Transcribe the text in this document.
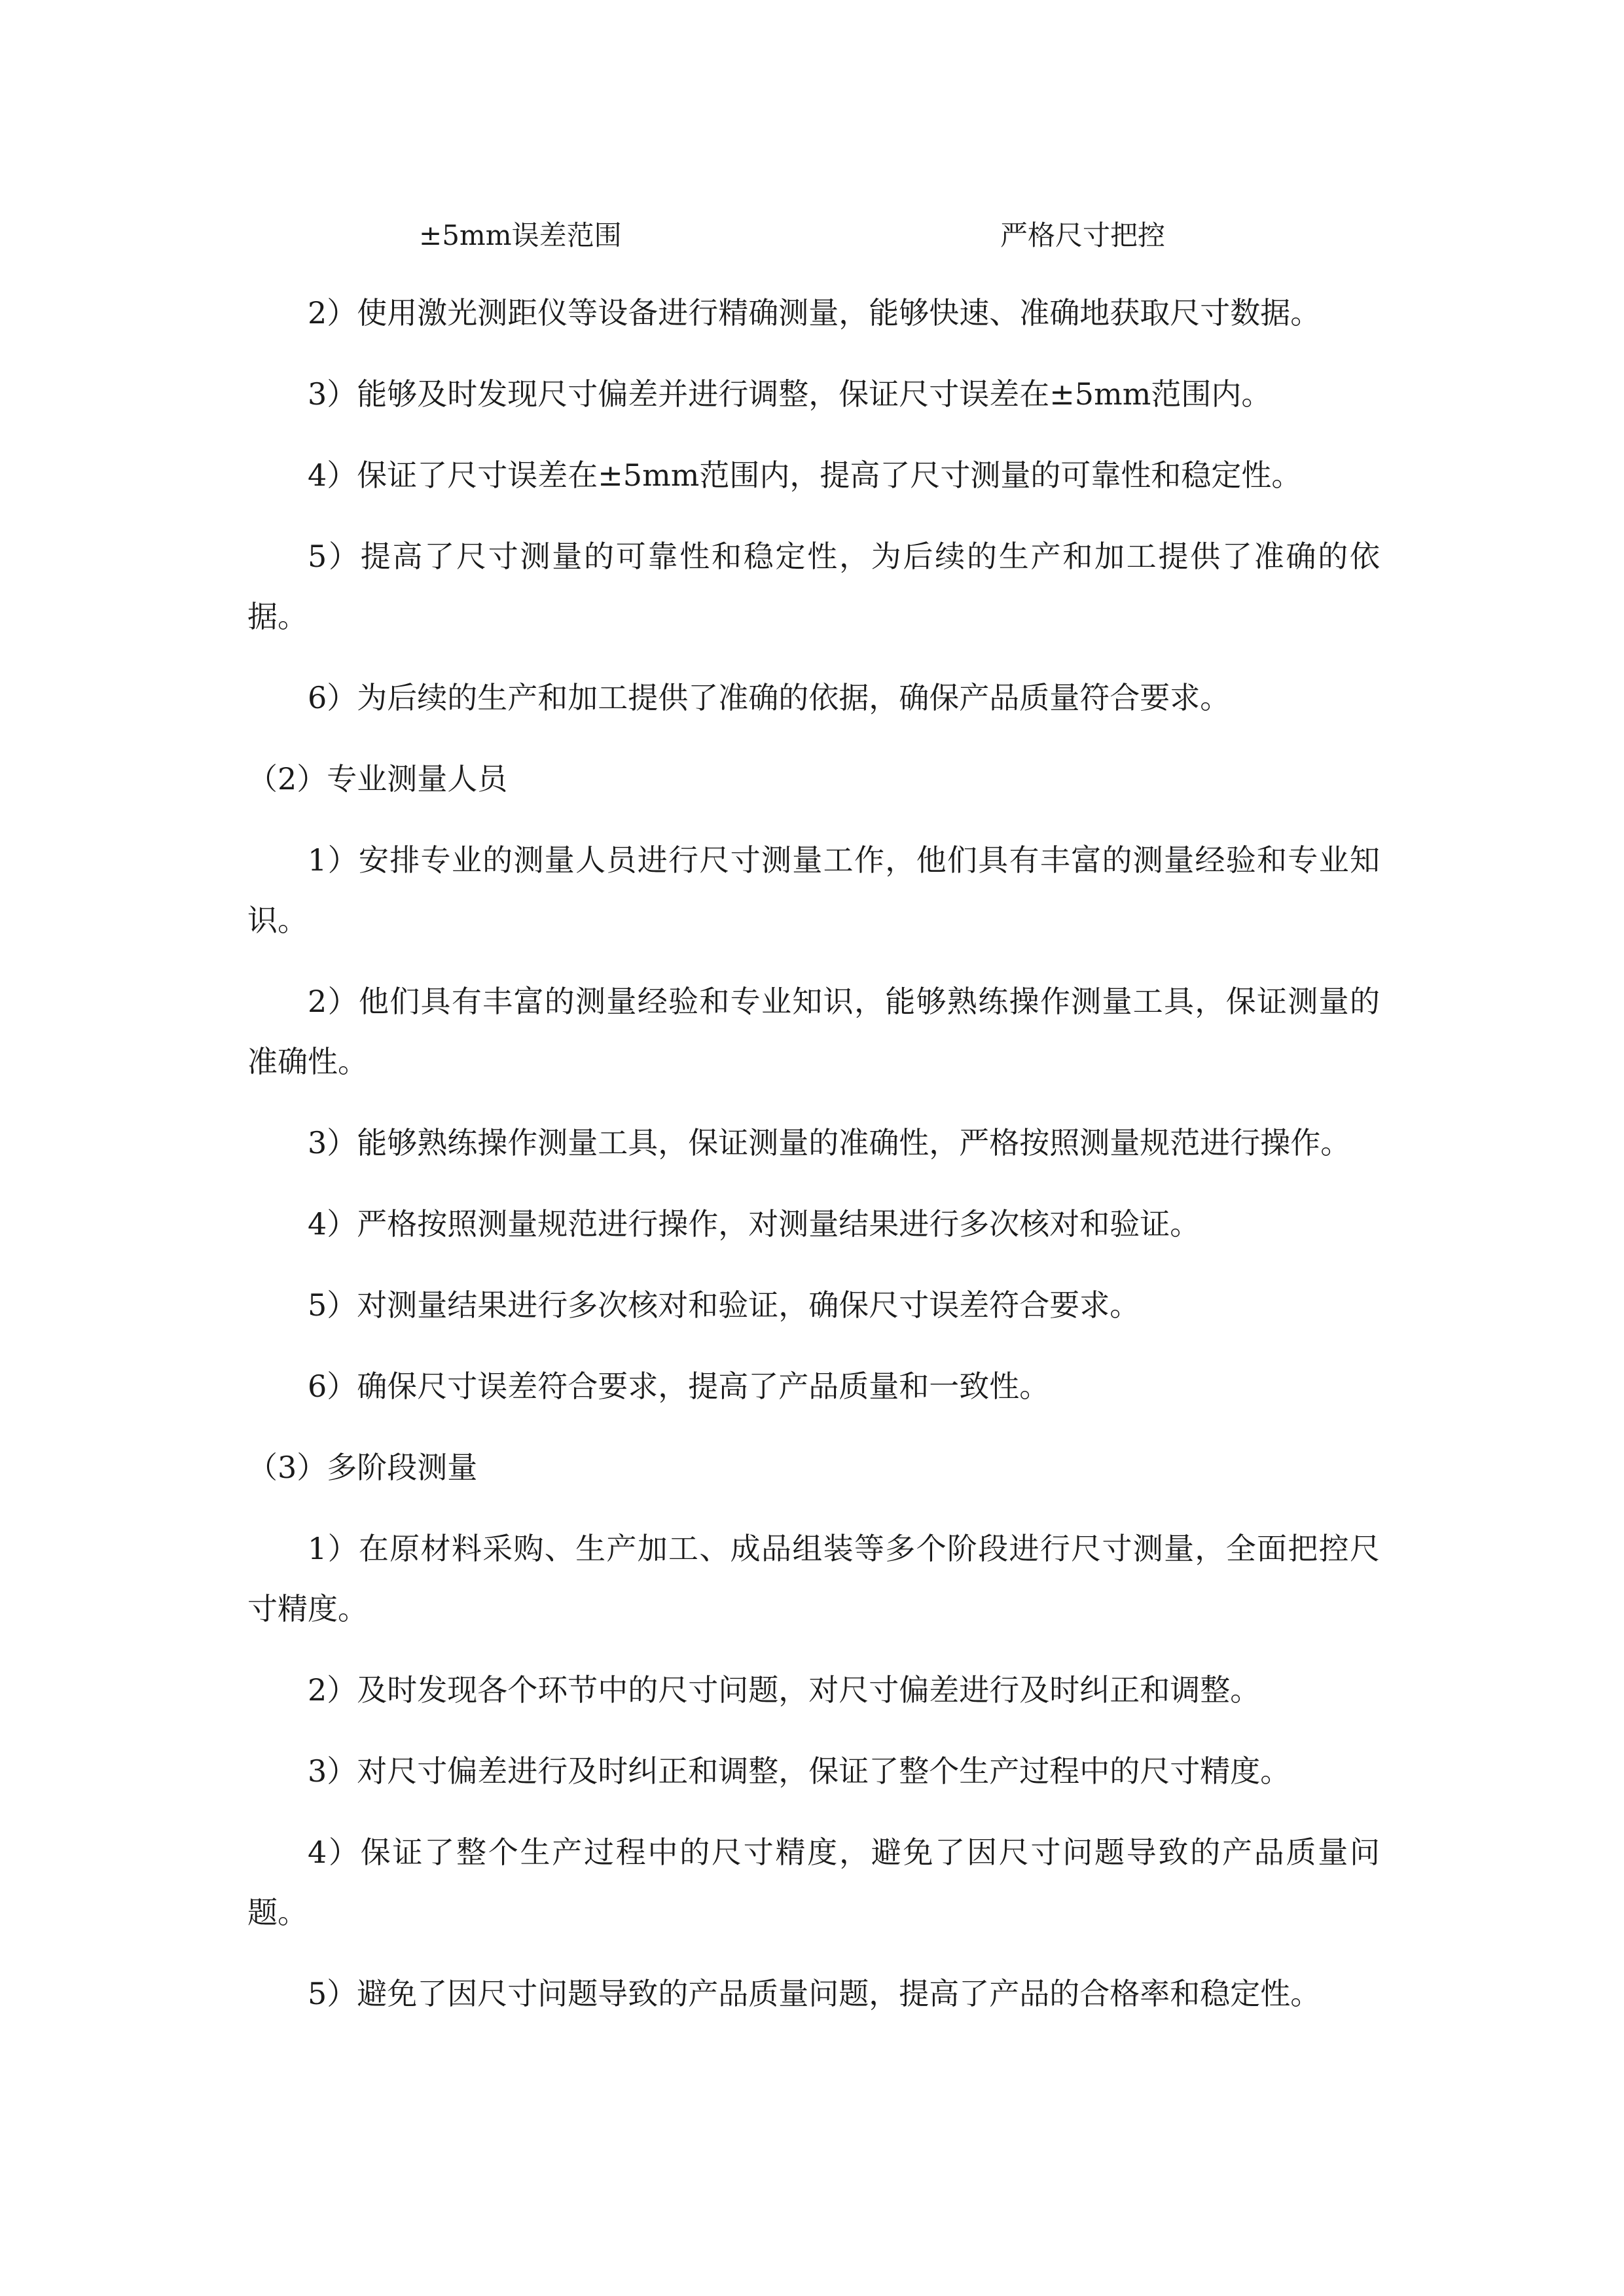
±5mm误差范围	严格尺寸把控

2）使用激光测距仪等设备进行精确测量，能够快速、准确地获取尺寸数据。

3）能够及时发现尺寸偏差并进行调整，保证尺寸误差在±5mm范围内。

4）保证了尺寸误差在±5mm范围内，提高了尺寸测量的可靠性和稳定性。

5）提高了尺寸测量的可靠性和稳定性，为后续的生产和加工提供了准确的依据。

6）为后续的生产和加工提供了准确的依据，确保产品质量符合要求。

（2）专业测量人员

1）安排专业的测量人员进行尺寸测量工作，他们具有丰富的测量经验和专业知识。

2）他们具有丰富的测量经验和专业知识，能够熟练操作测量工具，保证测量的准确性。

3）能够熟练操作测量工具，保证测量的准确性，严格按照测量规范进行操作。

4）严格按照测量规范进行操作，对测量结果进行多次核对和验证。

5）对测量结果进行多次核对和验证，确保尺寸误差符合要求。

6）确保尺寸误差符合要求，提高了产品质量和一致性。

（3）多阶段测量

1）在原材料采购、生产加工、成品组装等多个阶段进行尺寸测量，全面把控尺寸精度。

2）及时发现各个环节中的尺寸问题，对尺寸偏差进行及时纠正和调整。

3）对尺寸偏差进行及时纠正和调整，保证了整个生产过程中的尺寸精度。

4）保证了整个生产过程中的尺寸精度，避免了因尺寸问题导致的产品质量问题。

5）避免了因尺寸问题导致的产品质量问题，提高了产品的合格率和稳定性。
